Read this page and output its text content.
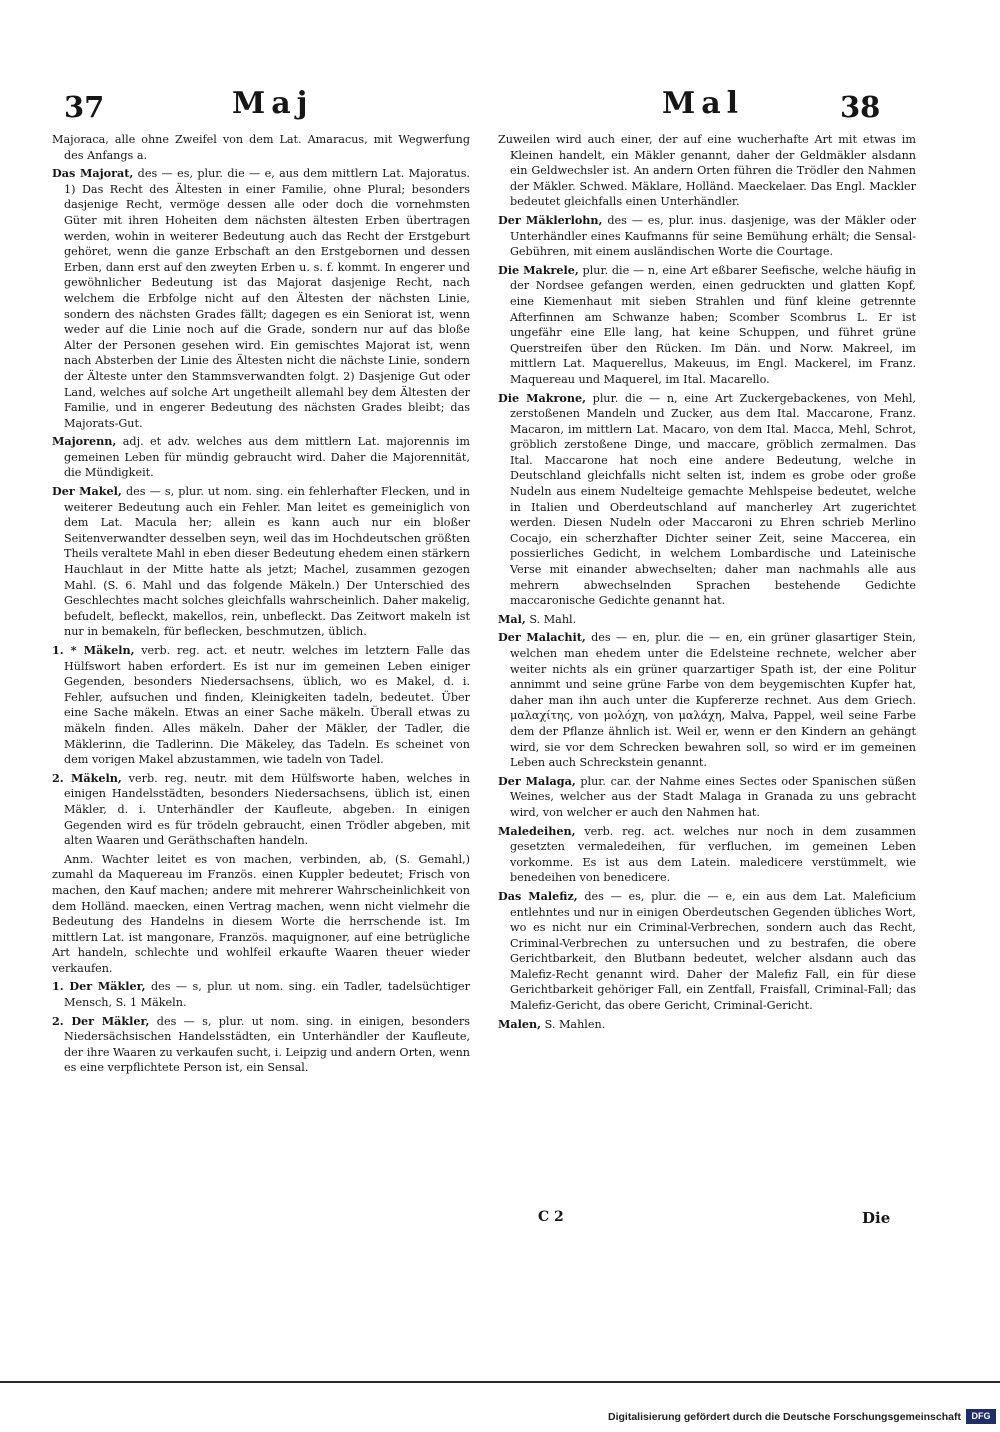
37	Maj	Mal	38

Majoraca, alle ohne Zweifel von dem Lat. Amaracus, mit Wegwerfung des Anfangs a.

Das Majorat, des — es, plur. die — e, aus dem mittlern Lat. Majoratus. 1) Das Recht des Ältesten in einer Familie, ohne Plural; besonders dasjenige Recht, vermöge dessen alle oder doch die vornehmsten Güter mit ihren Hoheiten dem nächsten ältesten Erben übertragen werden, wohin in weiterer Bedeutung auch das Recht der Erstgeburt gehöret, wenn die ganze Erbschaft an den Erstgebornen und dessen Erben, dann erst auf den zweyten Erben u. s. f. kommt. In engerer und gewöhnlicher Bedeutung ist das Majorat dasjenige Recht, nach welchem die Erbfolge nicht auf den Ältesten der nächsten Linie, sondern des nächsten Grades fällt; dagegen es ein Seniorat ist, wenn weder auf die Linie noch auf die Grade, sondern nur auf das bloße Alter der Personen gesehen wird. Ein gemischtes Majorat ist, wenn nach Absterben der Linie des Ältesten nicht die nächste Linie, sondern der Älteste unter den Stammsverwandten folgt. 2) Dasjenige Gut oder Land, welches auf solche Art ungetheilt allemahl bey dem Ältesten der Familie, und in engerer Bedeutung des nächsten Grades bleibt; das Majorats-Gut.

Majorenn, adj. et adv. welches aus dem mittlern Lat. majorennis im gemeinen Leben für mündig gebraucht wird. Daher die Majorennität, die Mündigkeit.

Der Makel, des — s, plur. ut nom. sing. ein fehlerhafter Flecken, und in weiterer Bedeutung auch ein Fehler. Man leitet es gemeiniglich von dem Lat. Macula her; allein es kann auch nur ein bloßer Seitenverwandter desselben seyn, weil das im Hochdeutschen größten Theils veraltete Mahl in eben dieser Bedeutung ehedem einen stärkern Hauchlaut in der Mitte hatte als jetzt; Machel, zusammen gezogen Mahl. (S. 6. Mahl und das folgende Mäkeln.) Der Unterschied des Geschlechtes macht solches gleichfalls wahrscheinlich. Daher makelig, befudelt, befleckt, makellos, rein, unbefleckt. Das Zeitwort makeln ist nur in bemakeln, für beflecken, beschmutzen, üblich.

1. * Mäkeln, verb. reg. act. et neutr. welches im letztern Falle das Hülfswort haben erfordert. Es ist nur im gemeinen Leben einiger Gegenden, besonders Niedersachsens, üblich, wo es Makel, d. i. Fehler, aufsuchen und finden, Kleinigkeiten tadeln, bedeutet. Über eine Sache mäkeln. Etwas an einer Sache mäkeln. Überall etwas zu mäkeln finden. Alles mäkeln. Daher der Mäkler, der Tadler, die Mäklerinn, die Tadlerinn. Die Mäkeley, das Tadeln. Es scheinet von dem vorigen Makel abzustammen, wie tadeln von Tadel.

2. Mäkeln, verb. reg. neutr. mit dem Hülfsworte haben, welches in einigen Handelsstädten, besonders Niedersachsens, üblich ist, einen Mäkler, d. i. Unterhändler der Kaufleute, abgeben. In einigen Gegenden wird es für trödeln gebraucht, einen Trödler abgeben, mit alten Waaren und Geräthschaften handeln.

Anm. Wachter leitet es von machen, verbinden, ab, (S. Gemahl,) zumahl da Maquereau im Französ. einen Kuppler bedeutet; Frisch von machen, den Kauf machen; andere mit mehrerer Wahrscheinlichkeit von dem Holländ. maecken, einen Vertrag machen, wenn nicht vielmehr die Bedeutung des Handelns in diesem Worte die herrschende ist. Im mittlern Lat. ist mangonare, Französ. maquignoner, auf eine betrügliche Art handeln, schlechte und wohlfeil erkaufte Waaren theuer wieder verkaufen.

1. Der Mäkler, des — s, plur. ut nom. sing. ein Tadler, tadelsüchtiger Mensch, S. 1 Mäkeln.

2. Der Mäkler, des — s, plur. ut nom. sing. in einigen, besonders Niedersächsischen Handelsstädten, ein Unterhändler der Kaufleute, der ihre Waaren zu verkaufen sucht, i. Leipzig und andern Orten, wenn es eine verpflichtete Person ist, ein Sensal.

Zuweilen wird auch einer, der auf eine wucherhafte Art mit etwas im Kleinen handelt, ein Mäkler genannt, daher der Geldmäkler alsdann ein Geldwechsler ist. An andern Orten führen die Trödler den Nahmen der Mäkler. Schwed. Mäklare, Holländ. Maeckelaer. Das Engl. Mackler bedeutet gleichfalls einen Unterhändler.

Der Mäklerlohn, des — es, plur. inus. dasjenige, was der Mäkler oder Unterhändler eines Kaufmanns für seine Bemühung erhält; die Sensal-Gebühren, mit einem ausländischen Worte die Courtage.

Die Makrele, plur. die — n, eine Art eßbarer Seefische, welche häufig in der Nordsee gefangen werden, einen gedruckten und glatten Kopf, eine Kiemenhaut mit sieben Strahlen und fünf kleine getrennte Afterfinnen am Schwanze haben; Scomber Scombrus L. Er ist ungefähr eine Elle lang, hat keine Schuppen, und führet grüne Querstreifen über den Rücken. Im Dän. und Norw. Makreel, im mittlern Lat. Maquerellus, Makeuus, im Engl. Mackerel, im Franz. Maquereau und Maquerel, im Ital. Macarello.

Die Makrone, plur. die — n, eine Art Zuckergebackenes, von Mehl, zerstoßenen Mandeln und Zucker, aus dem Ital. Maccarone, Franz. Macaron, im mittlern Lat. Macaro, von dem Ital. Macca, Mehl, Schrot, gröblich zerstoßene Dinge, und maccare, gröblich zermalmen. Das Ital. Maccarone hat noch eine andere Bedeutung, welche in Deutschland gleichfalls nicht selten ist, indem es grobe oder große Nudeln aus einem Nudelteige gemachte Mehlspeise bedeutet, welche in Italien und Oberdeutschland auf mancherley Art zugerichtet werden. Diesen Nudeln oder Maccaroni zu Ehren schrieb Merlino Cocajo, ein scherzhafter Dichter seiner Zeit, seine Maccerea, ein possierliches Gedicht, in welchem Lombardische und Lateinische Verse mit einander abwechselten; daher man nachmahls alle aus mehrern abwechselnden Sprachen bestehende Gedichte maccaronische Gedichte genannt hat.

Mal, S. Mahl.

Der Malachit, des — en, plur. die — en, ein grüner glasartiger Stein, welchen man ehedem unter die Edelsteine rechnete, welcher aber weiter nichts als ein grüner quarzartiger Spath ist, der eine Politur annimmt und seine grüne Farbe von dem beygemischten Kupfer hat, daher man ihn auch unter die Kupfererze rechnet. Aus dem Griech. μαλαχίτης, von μολόχη, von μαλάχη, Malva, Pappel, weil seine Farbe dem der Pflanze ähnlich ist. Weil er, wenn er den Kindern an gehängt wird, sie vor dem Schrecken bewahren soll, so wird er im gemeinen Leben auch Schreckstein genannt.

Der Malaga, plur. car. der Nahme eines Sectes oder Spanischen süßen Weines, welcher aus der Stadt Malaga in Granada zu uns gebracht wird, von welcher er auch den Nahmen hat.

Maledeihen, verb. reg. act. welches nur noch in dem zusammen gesetzten vermaledeihen, für verfluchen, im gemeinen Leben vorkomme. Es ist aus dem Latein. maledicere verstümmelt, wie benedeihen von benedicere.

Das Malefiz, des — es, plur. die — e, ein aus dem Lat. Maleficium entlehntes und nur in einigen Oberdeutschen Gegenden übliches Wort, wo es nicht nur ein Criminal-Verbrechen, sondern auch das Recht, Criminal-Verbrechen zu untersuchen und zu bestrafen, die obere Gerichtbarkeit, den Blutbann bedeutet, welcher alsdann auch das Malefiz-Recht genannt wird. Daher der Malefiz Fall, ein für diese Gerichtbarkeit gehöriger Fall, ein Zentfall, Fraisfall, Criminal-Fall; das Malefiz-Gericht, das obere Gericht, Criminal-Gericht.

Malen, S. Mahlen.

C 2	Die
Digitalisierung gefördert durch die Deutsche Forschungsgemeinschaft	DFG
